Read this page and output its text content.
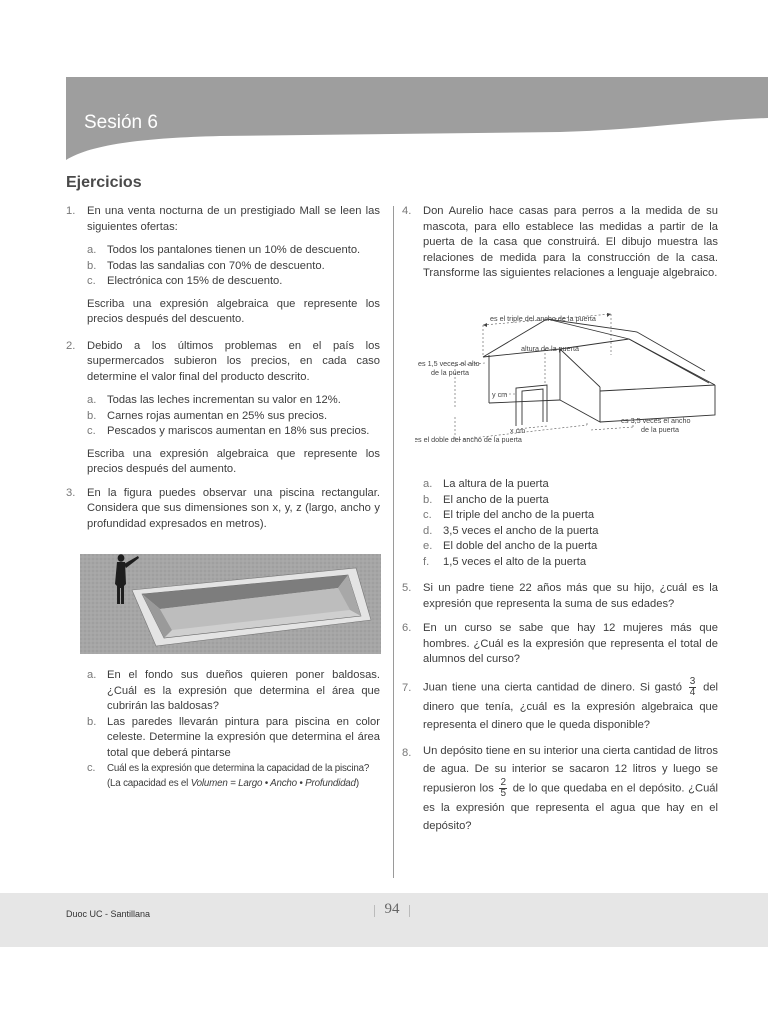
Sesión 6
Ejercicios

1. En una venta nocturna de un prestigiado Mall se leen las siguientes ofertas:

a. Todos los pantalones tienen un 10% de descuento.

b. Todas las sandalias con 70% de descuento.

c. Electrónica con 15% de descuento.

Escriba una expresión algebraica que represente los precios después del descuento.

2. Debido a los últimos problemas en el país los supermercados subieron los precios, en cada caso determine el valor final del producto descrito.

a. Todas las leches incrementan su valor en 12%.

b. Carnes rojas aumentan en 25% sus precios.

c. Pescados y mariscos aumentan en 18% sus precios.

Escriba una expresión algebraica que represente los precios después del aumento.

3. En la figura puedes observar una piscina rectangular. Considera que sus dimensiones son x, y, z (largo, ancho y profundidad expresados en metros).

a. En el fondo sus dueños quieren poner baldosas. ¿Cuál es la expresión que determina el área que cubrirán las baldosas?

b. Las paredes llevarán pintura para piscina en color celeste. Determine la expresión que determina el área total que deberá pintarse

c. Cuál es la expresión que determina la capacidad de la piscina?
(La capacidad es el Volumen = Largo • Ancho • Profundidad)

4. Don Aurelio hace casas para perros a la medida de su mascota, para ello establece las medidas a partir de la puerta de la casa que construirá. El dibujo muestra las relaciones de medida para la construcción de la casa. Transforme las siguientes relaciones a lenguaje algebraico.

es el triple del ancho de la puerta
altura de la puerta
es 1,5 veces el alto
de la puerta
y cm
x cm
es el doble del ancho de la puerta
es 3,5 veces el ancho
de la puerta

a. La altura de la puerta

b. El ancho de la puerta

c. El triple del ancho de la puerta

d. 3,5 veces el ancho de la puerta

e. El doble del ancho de la puerta

f. 1,5 veces el alto de la puerta

5. Si un padre tiene 22 años más que su hijo, ¿cuál es la expresión que representa la suma de sus edades?

6. En un curso se sabe que hay 12 mujeres más que hombres. ¿Cuál es la expresión que representa el total de alumnos del curso?

7. Juan tiene una cierta cantidad de dinero. Si gastó $\frac{3}{4}$ del dinero que tenía, ¿cuál es la expresión algebraica que representa el dinero que le queda disponible?

8. Un depósito tiene en su interior una cierta cantidad de litros de agua. De su interior se sacaron 12 litros y luego se repusieron los $\frac{2}{5}$ de lo que quedaba en el depósito. ¿Cuál es la expresión que representa el agua que hay en el depósito?

Duoc UC - Santillana	94
